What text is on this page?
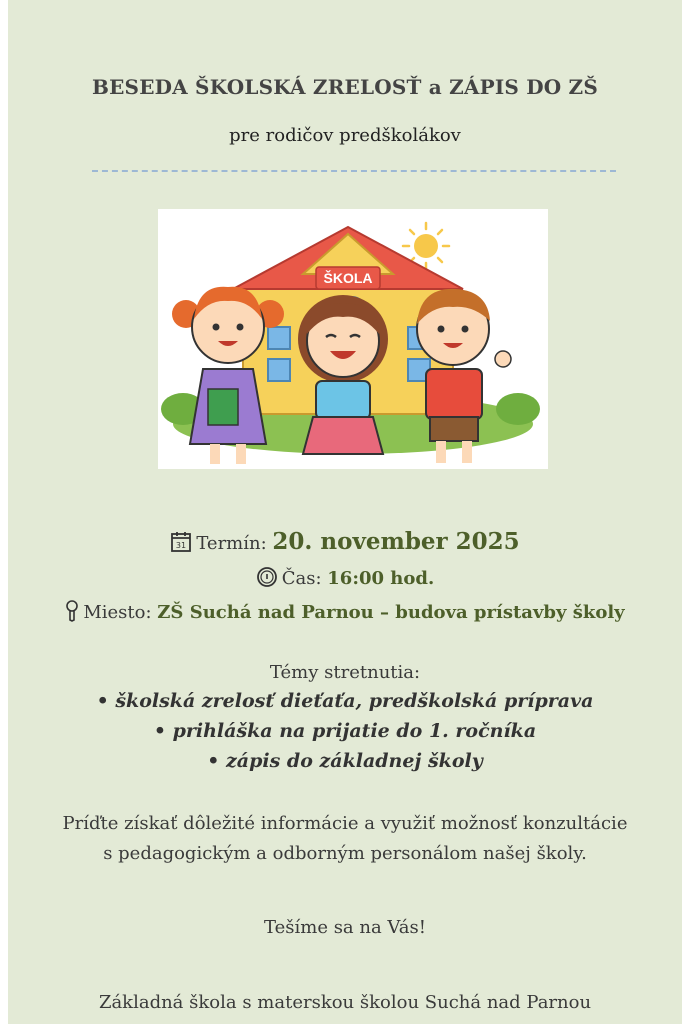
BESEDA ŠKOLSKÁ ZRELOSŤ a ZÁPIS DO ZŠ
pre rodičov predškolákov
ŠKOLA
31 Termín: 20. november 2025
Čas: 16:00 hod.
Miesto: ZŠ Suchá nad Parnou – budova prístavby školy
Témy stretnutia:
• školská zrelosť dieťaťa, predškolská príprava
• prihláška na prijatie do 1. ročníka
• zápis do základnej školy
Príďte získať dôležité informácie a využiť možnosť konzultácie
s pedagogickým a odborným personálom našej školy.
Tešíme sa na Vás!
Základná škola s materskou školou Suchá nad Parnou
